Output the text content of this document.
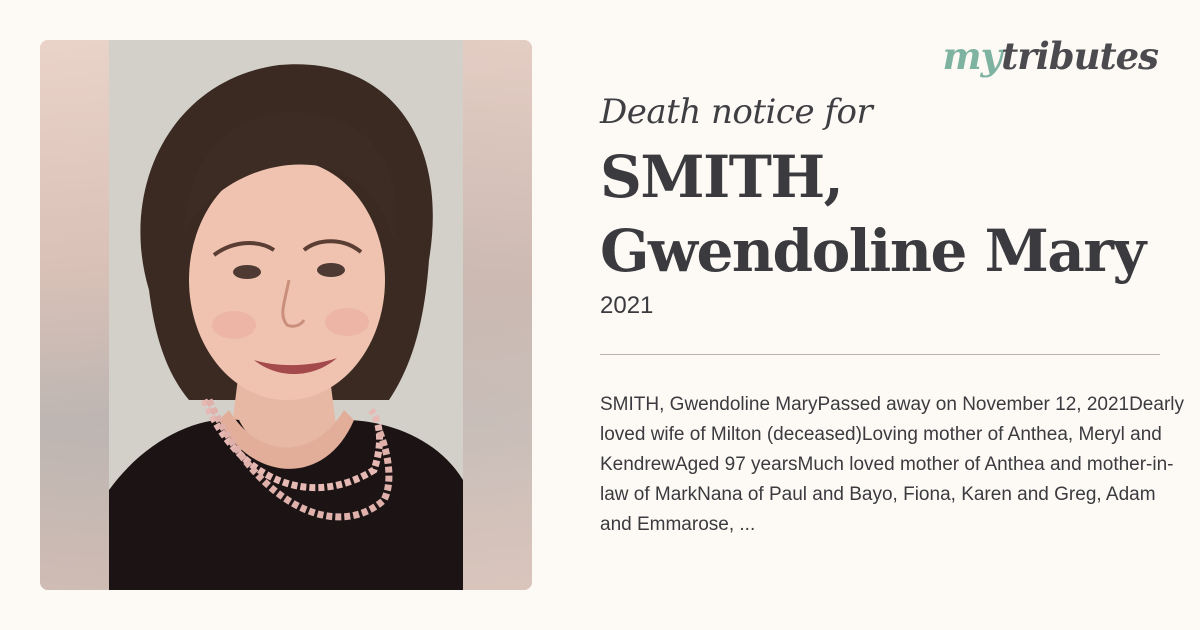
mytributes
Death notice for
SMITH,
Gwendoline Mary
2021
SMITH, Gwendoline MaryPassed away on November 12, 2021Dearly loved wife of Milton (deceased)Loving mother of Anthea, Meryl and KendrewAged 97 yearsMuch loved mother of Anthea and mother-in-law of MarkNana of Paul and Bayo, Fiona, Karen and Greg, Adam and Emmarose, ...
